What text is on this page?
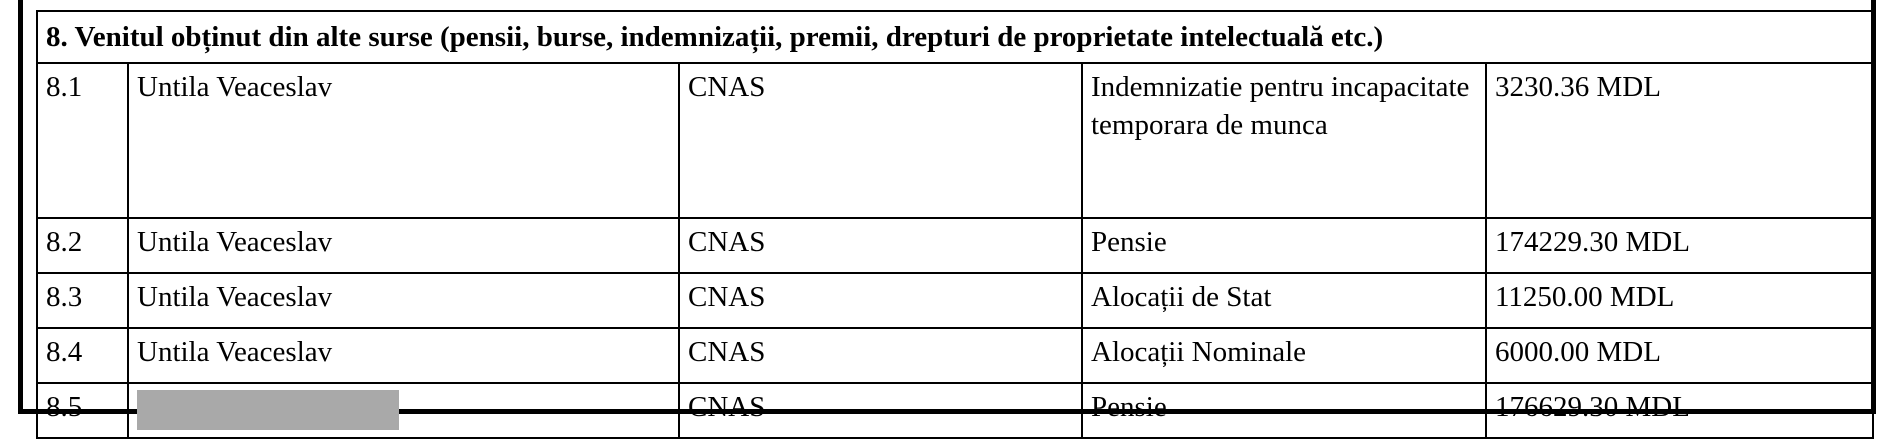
8. Venitul obținut din alte surse (pensii, burse, indemnizații, premii, drepturi de proprietate intelectuală etc.)				
8.1	Untila Veaceslav	CNAS	Indemnizatie pentru incapacitate temporara de munca	3230.36 MDL
8.2	Untila Veaceslav	CNAS	Pensie	174229.30 MDL
8.3	Untila Veaceslav	CNAS	Alocații de Stat	11250.00 MDL
8.4	Untila Veaceslav	CNAS	Alocații Nominale	6000.00 MDL
8.5		CNAS	Pensie	176629.30 MDL
